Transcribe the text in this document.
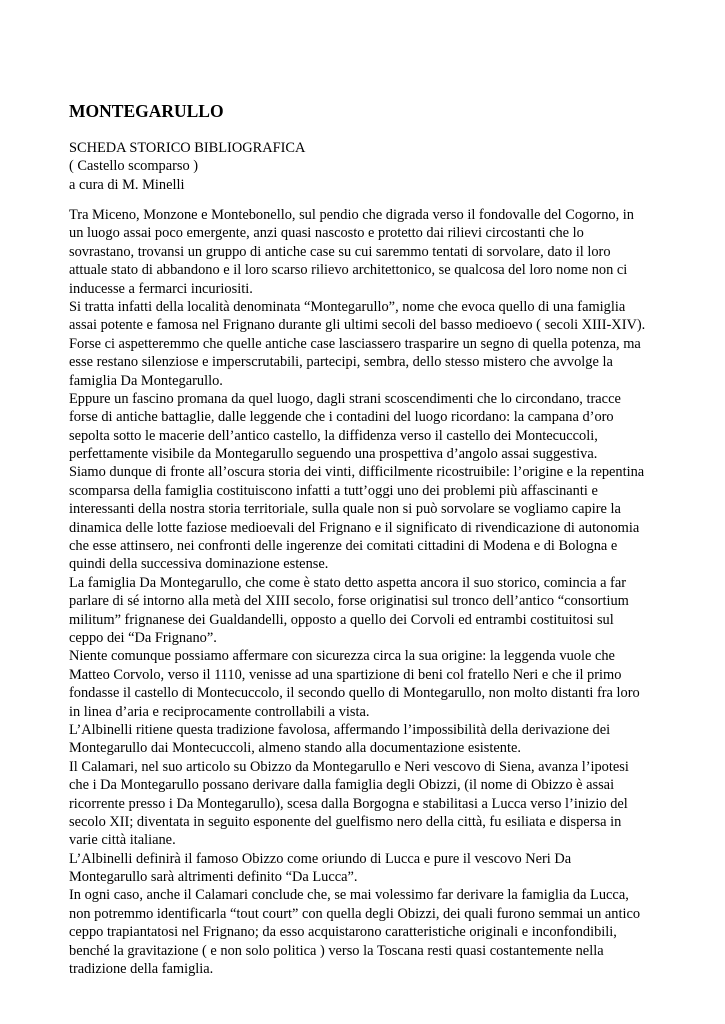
MONTEGARULLO
SCHEDA STORICO BIBLIOGRAFICA
( Castello scomparso )
a cura di M. Minelli
Tra Miceno, Monzone e Montebonello, sul pendio che digrada verso il fondovalle del Cogorno, in
un luogo assai poco emergente, anzi quasi nascosto e protetto dai rilievi circostanti che lo
sovrastano, trovansi un gruppo di antiche case su cui saremmo tentati di sorvolare, dato il loro
attuale stato di abbandono e il loro scarso rilievo architettonico, se qualcosa del loro nome non ci
inducesse a fermarci incuriositi.
Si tratta infatti della località denominata “Montegarullo”, nome che evoca quello di una famiglia
assai potente e famosa nel Frignano durante gli ultimi secoli del basso medioevo ( secoli XIII-XIV).
Forse ci aspetteremmo che quelle antiche case lasciassero trasparire un segno di quella potenza, ma
esse restano silenziose e imperscrutabili, partecipi, sembra, dello stesso mistero che avvolge la
famiglia Da Montegarullo.
Eppure un fascino promana da quel luogo, dagli strani scoscendimenti che lo circondano, tracce
forse di antiche battaglie, dalle leggende che i contadini del luogo ricordano: la campana d’oro
sepolta sotto le macerie dell’antico castello, la diffidenza verso il castello dei Montecuccoli,
perfettamente visibile da Montegarullo seguendo una prospettiva d’angolo assai suggestiva.
Siamo dunque di fronte all’oscura storia dei vinti, difficilmente ricostruibile: l’origine e la repentina
scomparsa della famiglia costituiscono infatti a tutt’oggi uno dei problemi più affascinanti e
interessanti della nostra storia territoriale, sulla quale non si può sorvolare se vogliamo capire la
dinamica delle lotte faziose medioevali del Frignano e il significato di rivendicazione di autonomia
che esse attinsero, nei confronti delle ingerenze dei comitati cittadini di Modena e di Bologna e
quindi della successiva dominazione estense.
La famiglia Da Montegarullo, che come è stato detto aspetta ancora il suo storico, comincia a far
parlare di sé intorno alla metà del XIII secolo, forse originatisi sul tronco dell’antico “consortium
militum” frignanese dei Gualdandelli, opposto a quello dei Corvoli ed entrambi costituitosi sul
ceppo dei “Da Frignano”.
Niente comunque possiamo affermare con sicurezza circa la sua origine: la leggenda vuole che
Matteo Corvolo, verso il 1110, venisse ad una spartizione di beni col fratello Neri e che il primo
fondasse il castello di Montecuccolo, il secondo quello di Montegarullo, non molto distanti fra loro
in linea d’aria e reciprocamente controllabili a vista.
L’Albinelli ritiene questa tradizione favolosa, affermando l’impossibilità della derivazione dei
Montegarullo dai Montecuccoli, almeno stando alla documentazione esistente.
Il Calamari, nel suo articolo su Obizzo da Montegarullo e Neri vescovo di Siena, avanza l’ipotesi
che i Da Montegarullo possano derivare dalla famiglia degli Obizzi, (il nome di Obizzo è assai
ricorrente presso i Da Montegarullo), scesa dalla Borgogna e stabilitasi a Lucca verso l’inizio del
secolo XII; diventata in seguito esponente del guelfismo nero della città, fu esiliata e dispersa in
varie città italiane.
L’Albinelli definirà il famoso Obizzo come oriundo di Lucca e pure il vescovo Neri Da
Montegarullo sarà altrimenti definito “Da Lucca”.
In ogni caso, anche il Calamari conclude che, se mai volessimo far derivare la famiglia da Lucca,
non potremmo identificarla “tout court” con quella degli Obizzi, dei quali furono semmai un antico
ceppo trapiantatosi nel Frignano; da esso acquistarono caratteristiche originali e inconfondibili,
benché la gravitazione ( e non solo politica ) verso la Toscana resti quasi costantemente nella
tradizione della famiglia.
